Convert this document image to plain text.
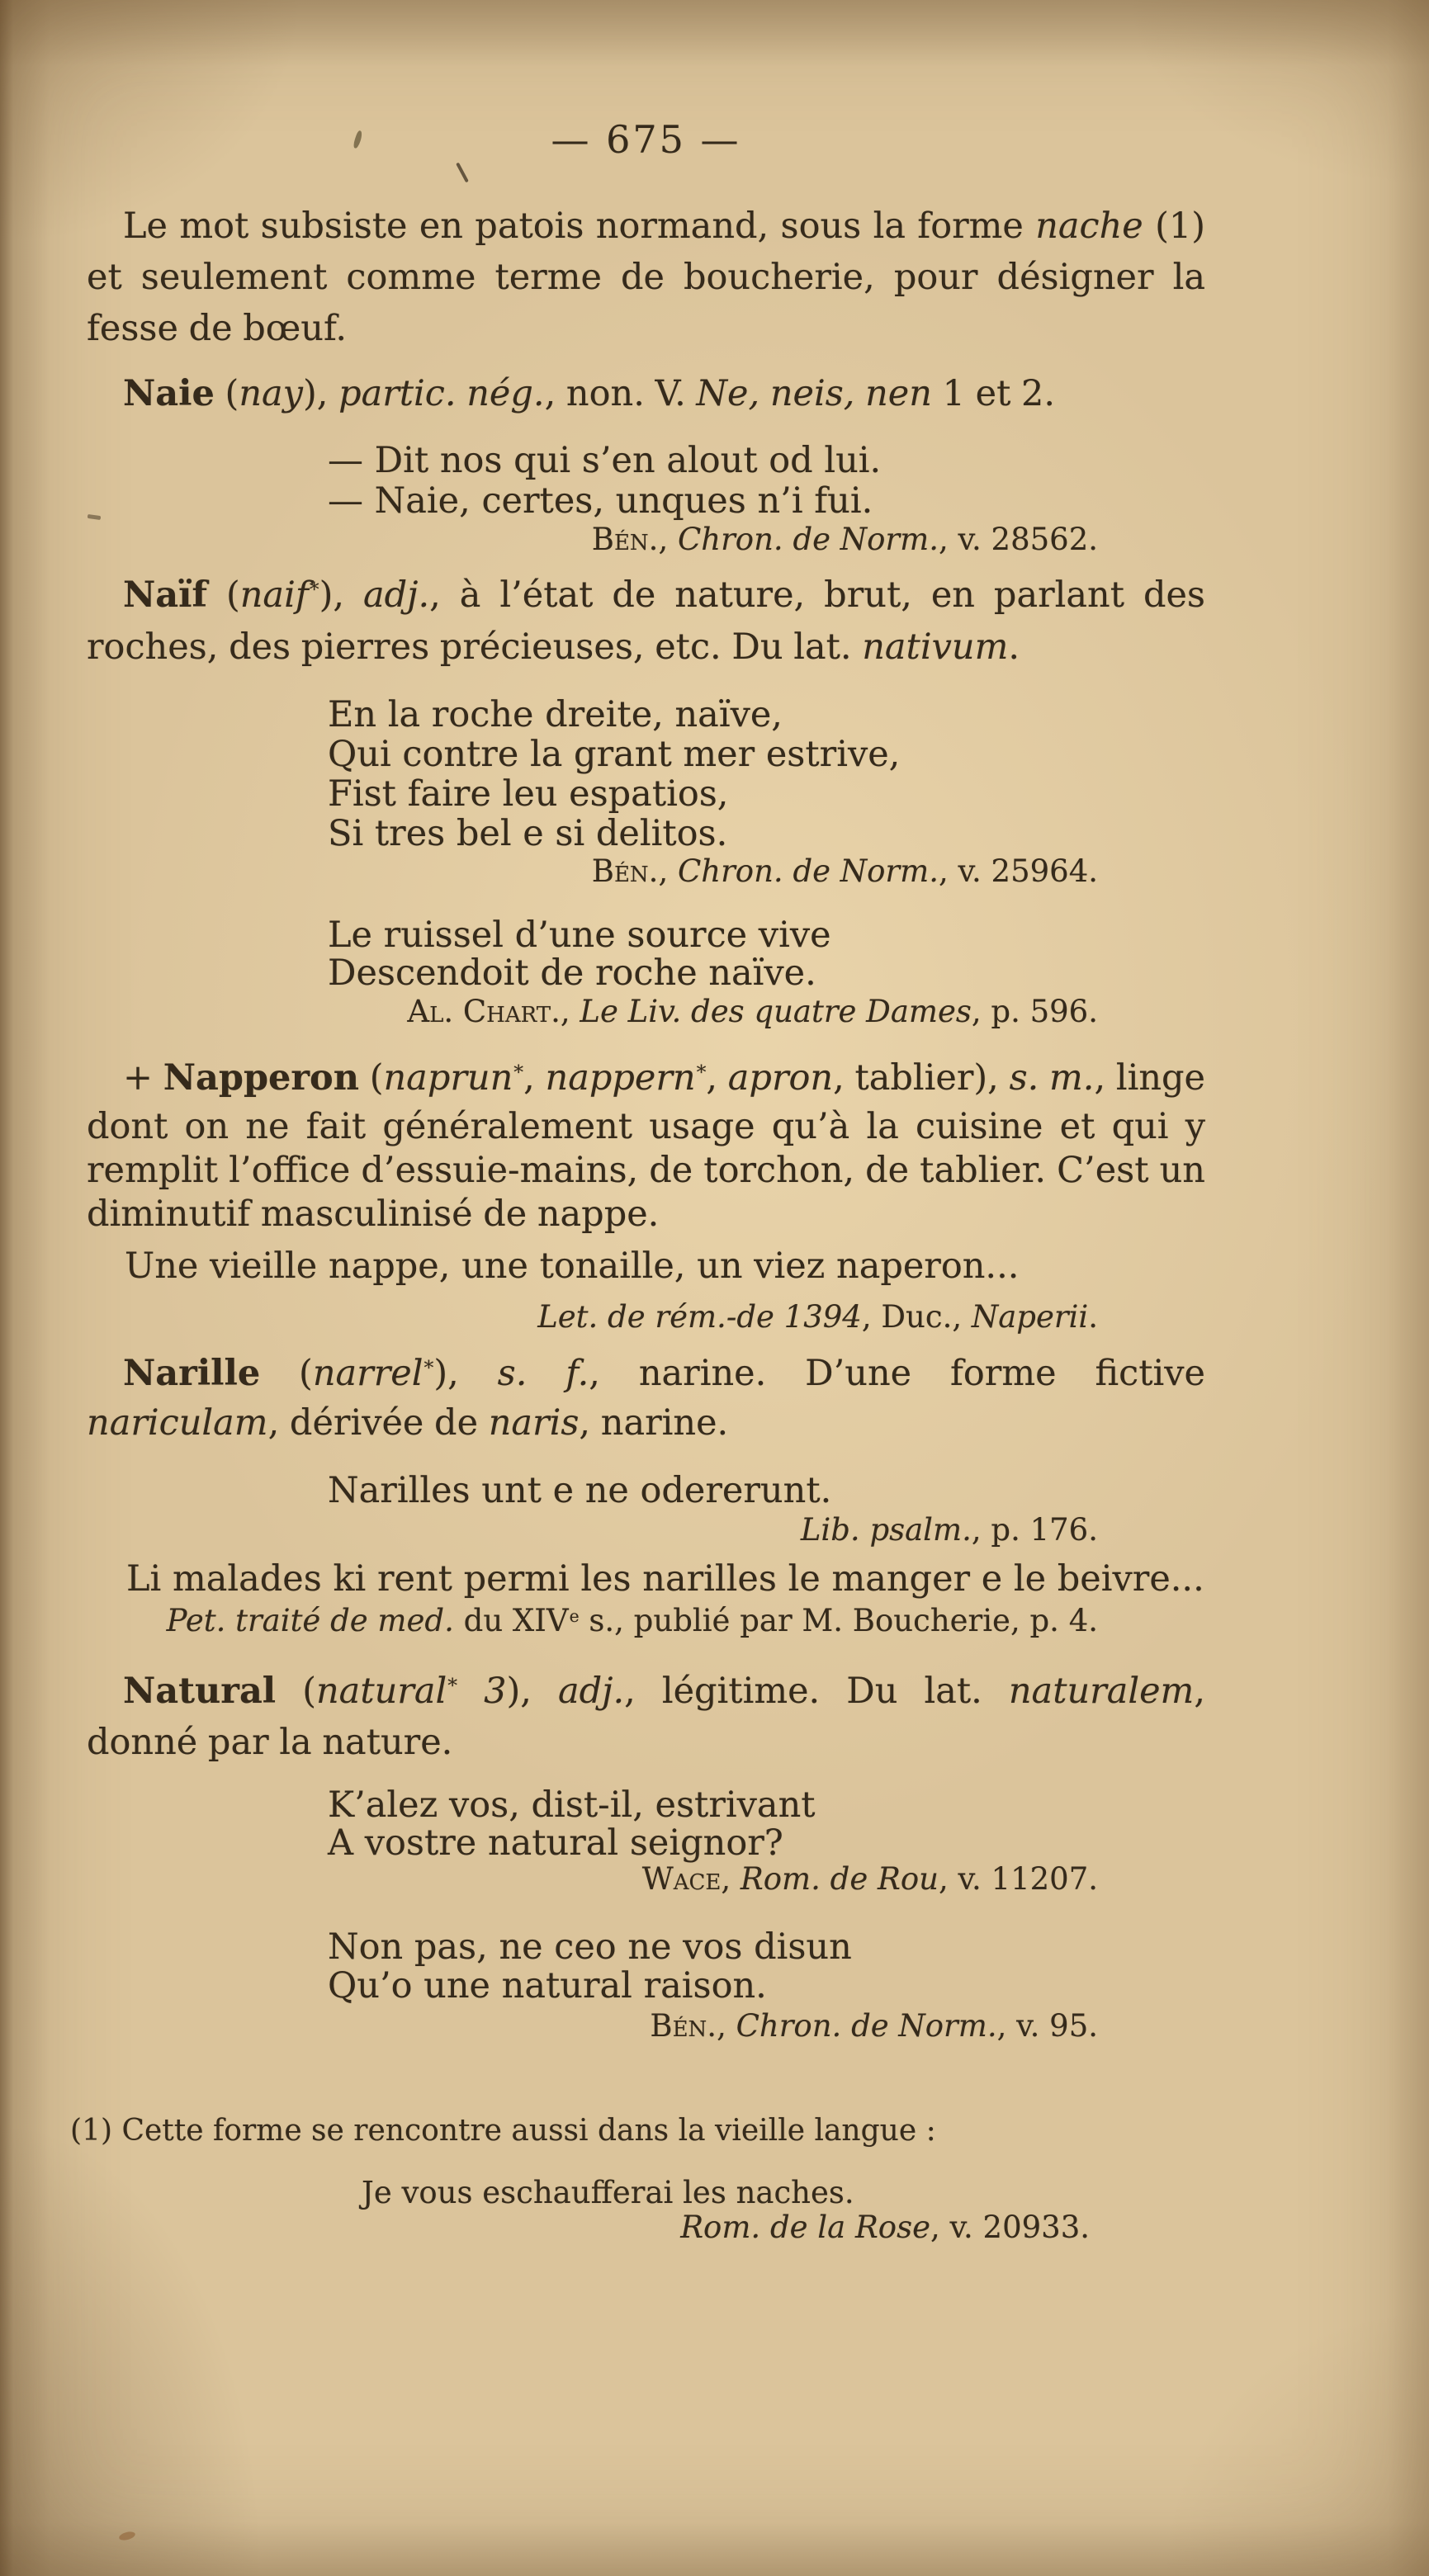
— 675 —
Le mot subsiste en patois normand, sous la forme nache (1) et seulement comme terme de boucherie, pour désigner la fesse de bœuf.
Naie (nay), partic. nég., non. V. Ne, neis, nen 1 et 2.
— Dit nos qui s’en alout od lui.
— Naie, certes, unques n’i fui.
Bén., Chron. de Norm., v. 28562.
Naïf (naif*), adj., à l’état de nature, brut, en parlant des roches, des pierres précieuses, etc. Du lat. nativum.
En la roche dreite, naïve,
Qui contre la grant mer estrive,
Fist faire leu espatios,
Si tres bel e si delitos.
Bén., Chron. de Norm., v. 25964.
Le ruissel d’une source vive
Descendoit de roche naïve.
Al. Chart., Le Liv. des quatre Dames, p. 596.
+ Napperon (naprun*, nappern*, apron, tablier), s. m., linge dont on ne fait généralement usage qu’à la cuisine et qui y remplit l’office d’essuie-mains, de torchon, de tablier. C’est un diminutif masculinisé de nappe.
Une vieille nappe, une tonaille, un viez naperon...
Let. de rém.-de 1394, Duc., Naperii.
Narille (narrel*), s. f., narine. D’une forme fictive nariculam, dérivée de naris, narine.
Narilles unt e ne odererunt.
Lib. psalm., p. 176.
Li malades ki rent permi les narilles le manger e le beivre...
Pet. traité de med. du XIVe s., publié par M. Boucherie, p. 4.
Natural (natural* 3), adj., légitime. Du lat. naturalem, donné par la nature.
K’alez vos, dist-il, estrivant
A vostre natural seignor?
Wace, Rom. de Rou, v. 11207.
Non pas, ne ceo ne vos disun
Qu’o une natural raison.
Bén., Chron. de Norm., v. 95.
(1) Cette forme se rencontre aussi dans la vieille langue :
Je vous eschaufferai les naches.
Rom. de la Rose, v. 20933.
